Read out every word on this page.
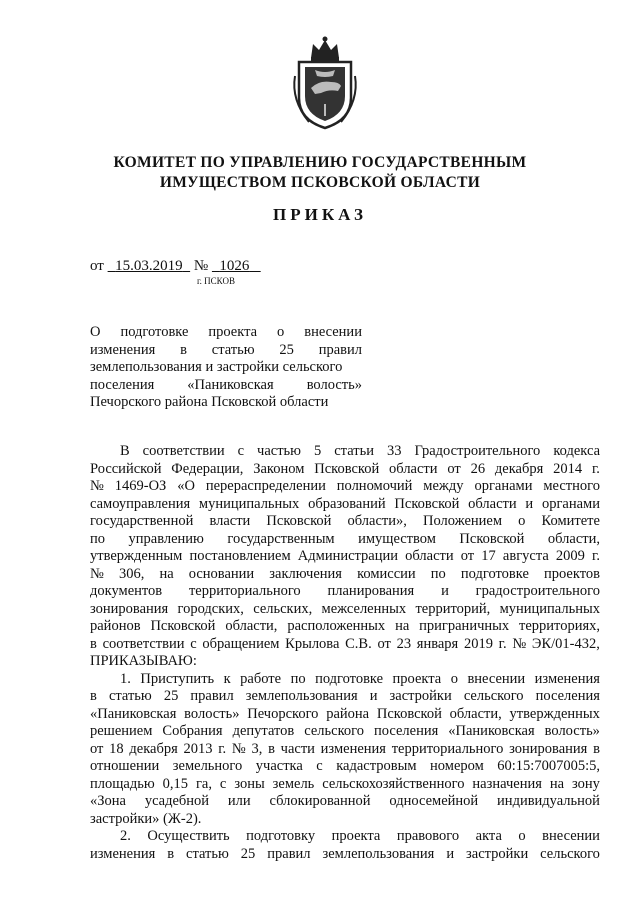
КОМИТЕТ ПО УПРАВЛЕНИЮ ГОСУДАРСТВЕННЫМ
ИМУЩЕСТВОМ ПСКОВСКОЙ ОБЛАСТИ
ПРИКАЗ
от 15.03.2019 № 1026
г. ПСКОВ
О подготовке проекта о внесении
изменения в статью 25 правил
землепользования и застройки сельского
поселения «Паниковская волость»
Печорского района Псковской области
В соответствии с частью 5 статьи 33 Градостроительного кодекса
Российской Федерации, Законом Псковской области от 26 декабря 2014 г.
№ 1469-ОЗ «О перераспределении полномочий между органами местного
самоуправления муниципальных образований Псковской области и органами
государственной власти Псковской области», Положением о Комитете
по управлению государственным имуществом Псковской области,
утвержденным постановлением Администрации области от 17 августа 2009 г.
№ 306, на основании заключения комиссии по подготовке проектов
документов территориального планирования и градостроительного
зонирования городских, сельских, межселенных территорий, муниципальных
районов Псковской области, расположенных на приграничных территориях,
в соответствии с обращением Крылова С.В. от 23 января 2019 г. № ЭК/01-432,
ПРИКАЗЫВАЮ:
1. Приступить к работе по подготовке проекта о внесении изменения
в статью 25 правил землепользования и застройки сельского поселения
«Паниковская волость» Печорского района Псковской области, утвержденных
решением Собрания депутатов сельского поселения «Паниковская волость»
от 18 декабря 2013 г. № 3, в части изменения территориального зонирования в
отношении земельного участка с кадастровым номером 60:15:7007005:5,
площадью 0,15 га, с зоны земель сельскохозяйственного назначения на зону
«Зона усадебной или сблокированной односемейной индивидуальной
застройки» (Ж-2).
2. Осуществить подготовку проекта правового акта о внесении
изменения в статью 25 правил землепользования и застройки сельского
